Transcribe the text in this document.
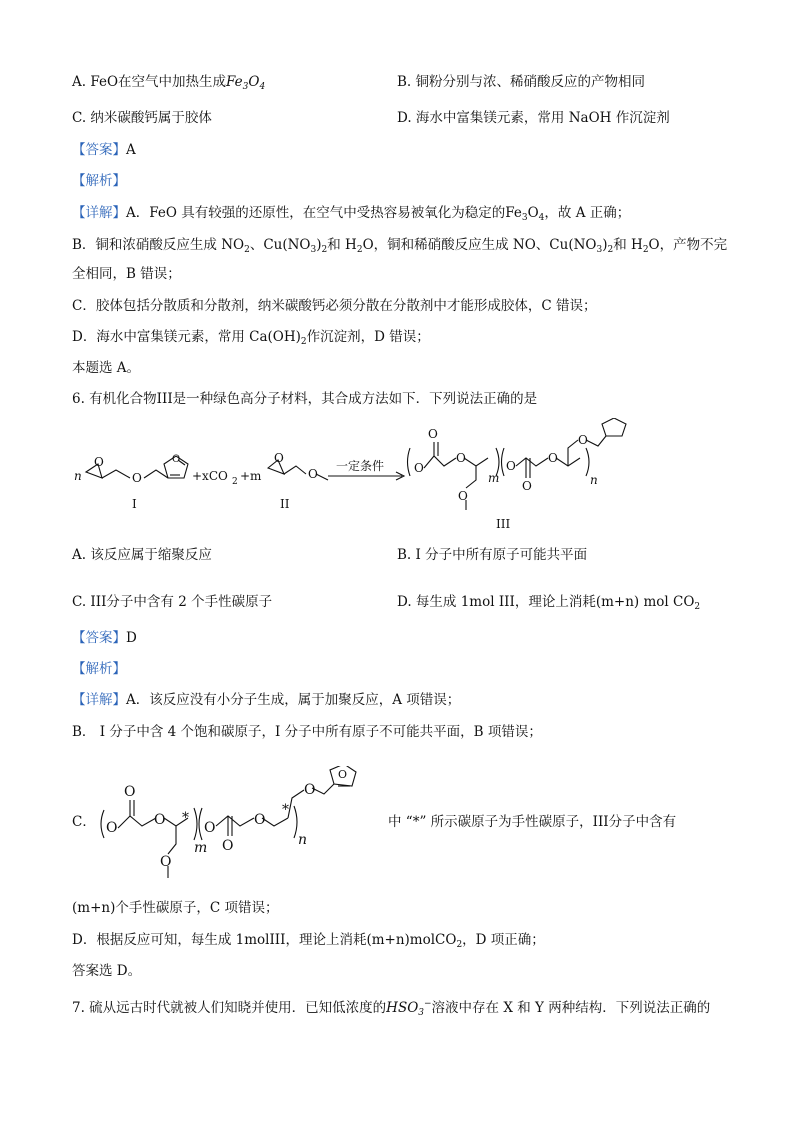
A. FeO在空气中加热生成$Fe_3O_4$	B. 铜粉分别与浓、稀硝酸反应的产物相同
C. 纳米碳酸钙属于胶体	D. 海水中富集镁元素，常用 NaOH 作沉淀剂
【答案】A
【解析】
【详解】A．FeO 具有较强的还原性，在空气中受热容易被氧化为稳定的$Fe_3O_4$，故 A 正确；
B．铜和浓硝酸反应生成 $NO_2$、$Cu(NO_3)_2$和 $H_2O$，铜和稀硝酸反应生成 NO、$Cu(NO_3)_2$和 $H_2O$，产物不完
全相同，B 错误；
C．胶体包括分散质和分散剂，纳米碳酸钙必须分散在分散剂中才能形成胶体，C 错误；
D．海水中富集镁元素，常用 $Ca(OH)_2$作沉淀剂，D 错误；
本题选 A。
6. 有机化合物III是一种绿色高分子材料，其合成方法如下．下列说法正确的是
n
O
O
O
+xCO 2 +m
O
O
一定条件 O
O
O
O
m
O
O
O
O
n
I	II
III
A. 该反应属于缩聚反应	B. I 分子中所有原子可能共平面
C. III分子中含有 2 个手性碳原子	D. 每生成 1mol III，理论上消耗(m+n) mol $CO_2$
【答案】D
【解析】
【详解】A．该反应没有小分子生成，属于加聚反应，A 项错误；
B． I 分子中含 4 个饱和碳原子，I 分子中所有原子不可能共平面，B 项错误；
C． O
O
O *
O
m
O
O
O
*
O
O
n
中 “*” 所示碳原子为手性碳原子，III分子中含有
(m+n)个手性碳原子，C 项错误；
D．根据反应可知，每生成 1molIII，理论上消耗(m+n)molCO$_2$，D 项正确；
答案选 D。
7. 硫从远古时代就被人们知晓并使用．已知低浓度的$HSO_3^-$溶液中存在 X 和 Y 两种结构．下列说法正确的
